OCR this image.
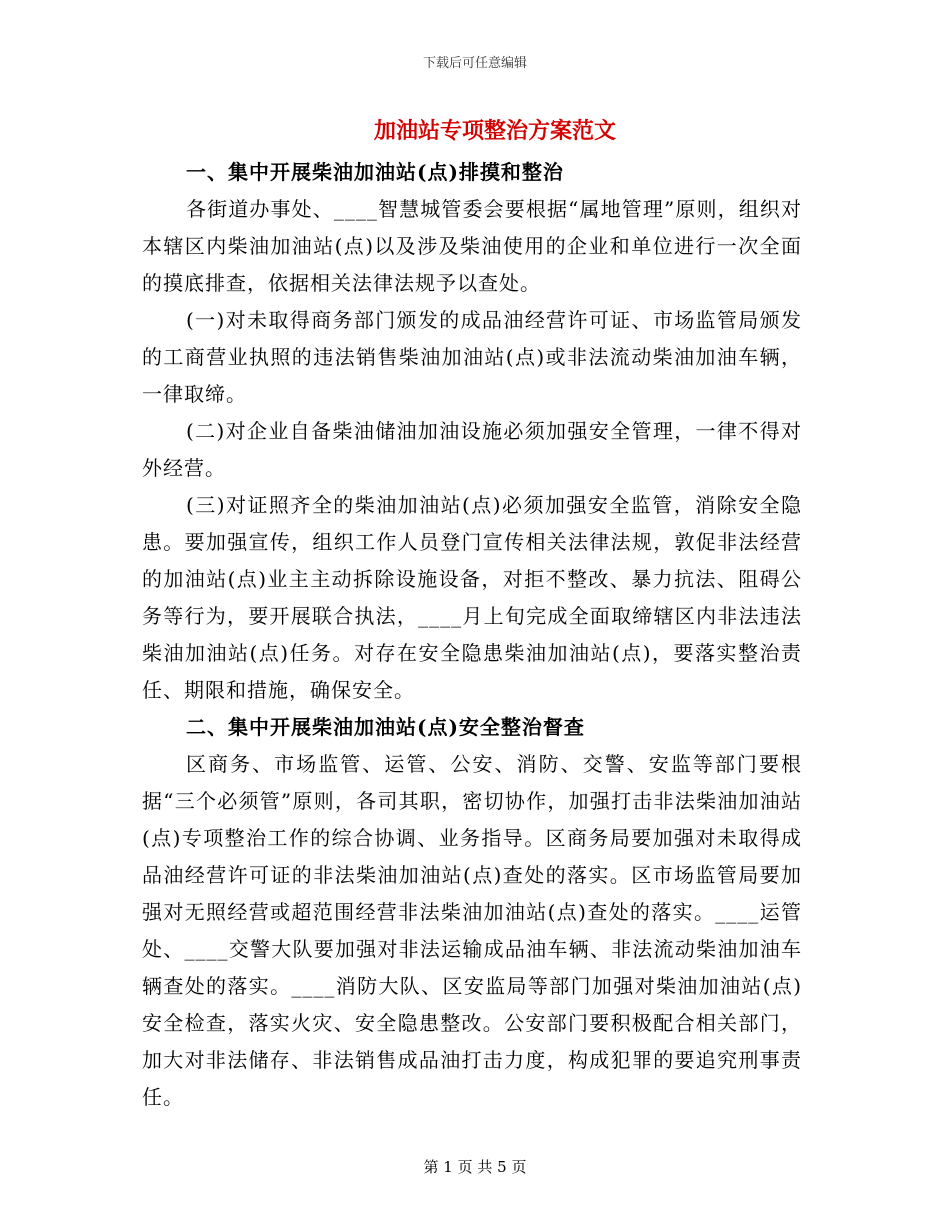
下载后可任意编辑
加油站专项整治方案范文

一、集中开展柴油加油站(点)排摸和整治

各街道办事处、____智慧城管委会要根据“属地管理”原则，组织对本辖区内柴油加油站(点)以及涉及柴油使用的企业和单位进行一次全面的摸底排查，依据相关法律法规予以查处。

(一)对未取得商务部门颁发的成品油经营许可证、市场监管局颁发的工商营业执照的违法销售柴油加油站(点)或非法流动柴油加油车辆，一律取缔。

(二)对企业自备柴油储油加油设施必须加强安全管理，一律不得对外经营。

(三)对证照齐全的柴油加油站(点)必须加强安全监管，消除安全隐患。要加强宣传，组织工作人员登门宣传相关法律法规，敦促非法经营的加油站(点)业主主动拆除设施设备，对拒不整改、暴力抗法、阻碍公务等行为，要开展联合执法，____月上旬完成全面取缔辖区内非法违法柴油加油站(点)任务。对存在安全隐患柴油加油站(点)，要落实整治责任、期限和措施，确保安全。

二、集中开展柴油加油站(点)安全整治督查

区商务、市场监管、运管、公安、消防、交警、安监等部门要根据“三个必须管”原则，各司其职，密切协作，加强打击非法柴油加油站(点)专项整治工作的综合协调、业务指导。区商务局要加强对未取得成品油经营许可证的非法柴油加油站(点)查处的落实。区市场监管局要加强对无照经营或超范围经营非法柴油加油站(点)查处的落实。____运管处、____交警大队要加强对非法运输成品油车辆、非法流动柴油加油车辆查处的落实。____消防大队、区安监局等部门加强对柴油加油站(点)安全检查，落实火灾、安全隐患整改。公安部门要积极配合相关部门，加大对非法储存、非法销售成品油打击力度，构成犯罪的要追究刑事责任。

第 1 页 共 5 页
